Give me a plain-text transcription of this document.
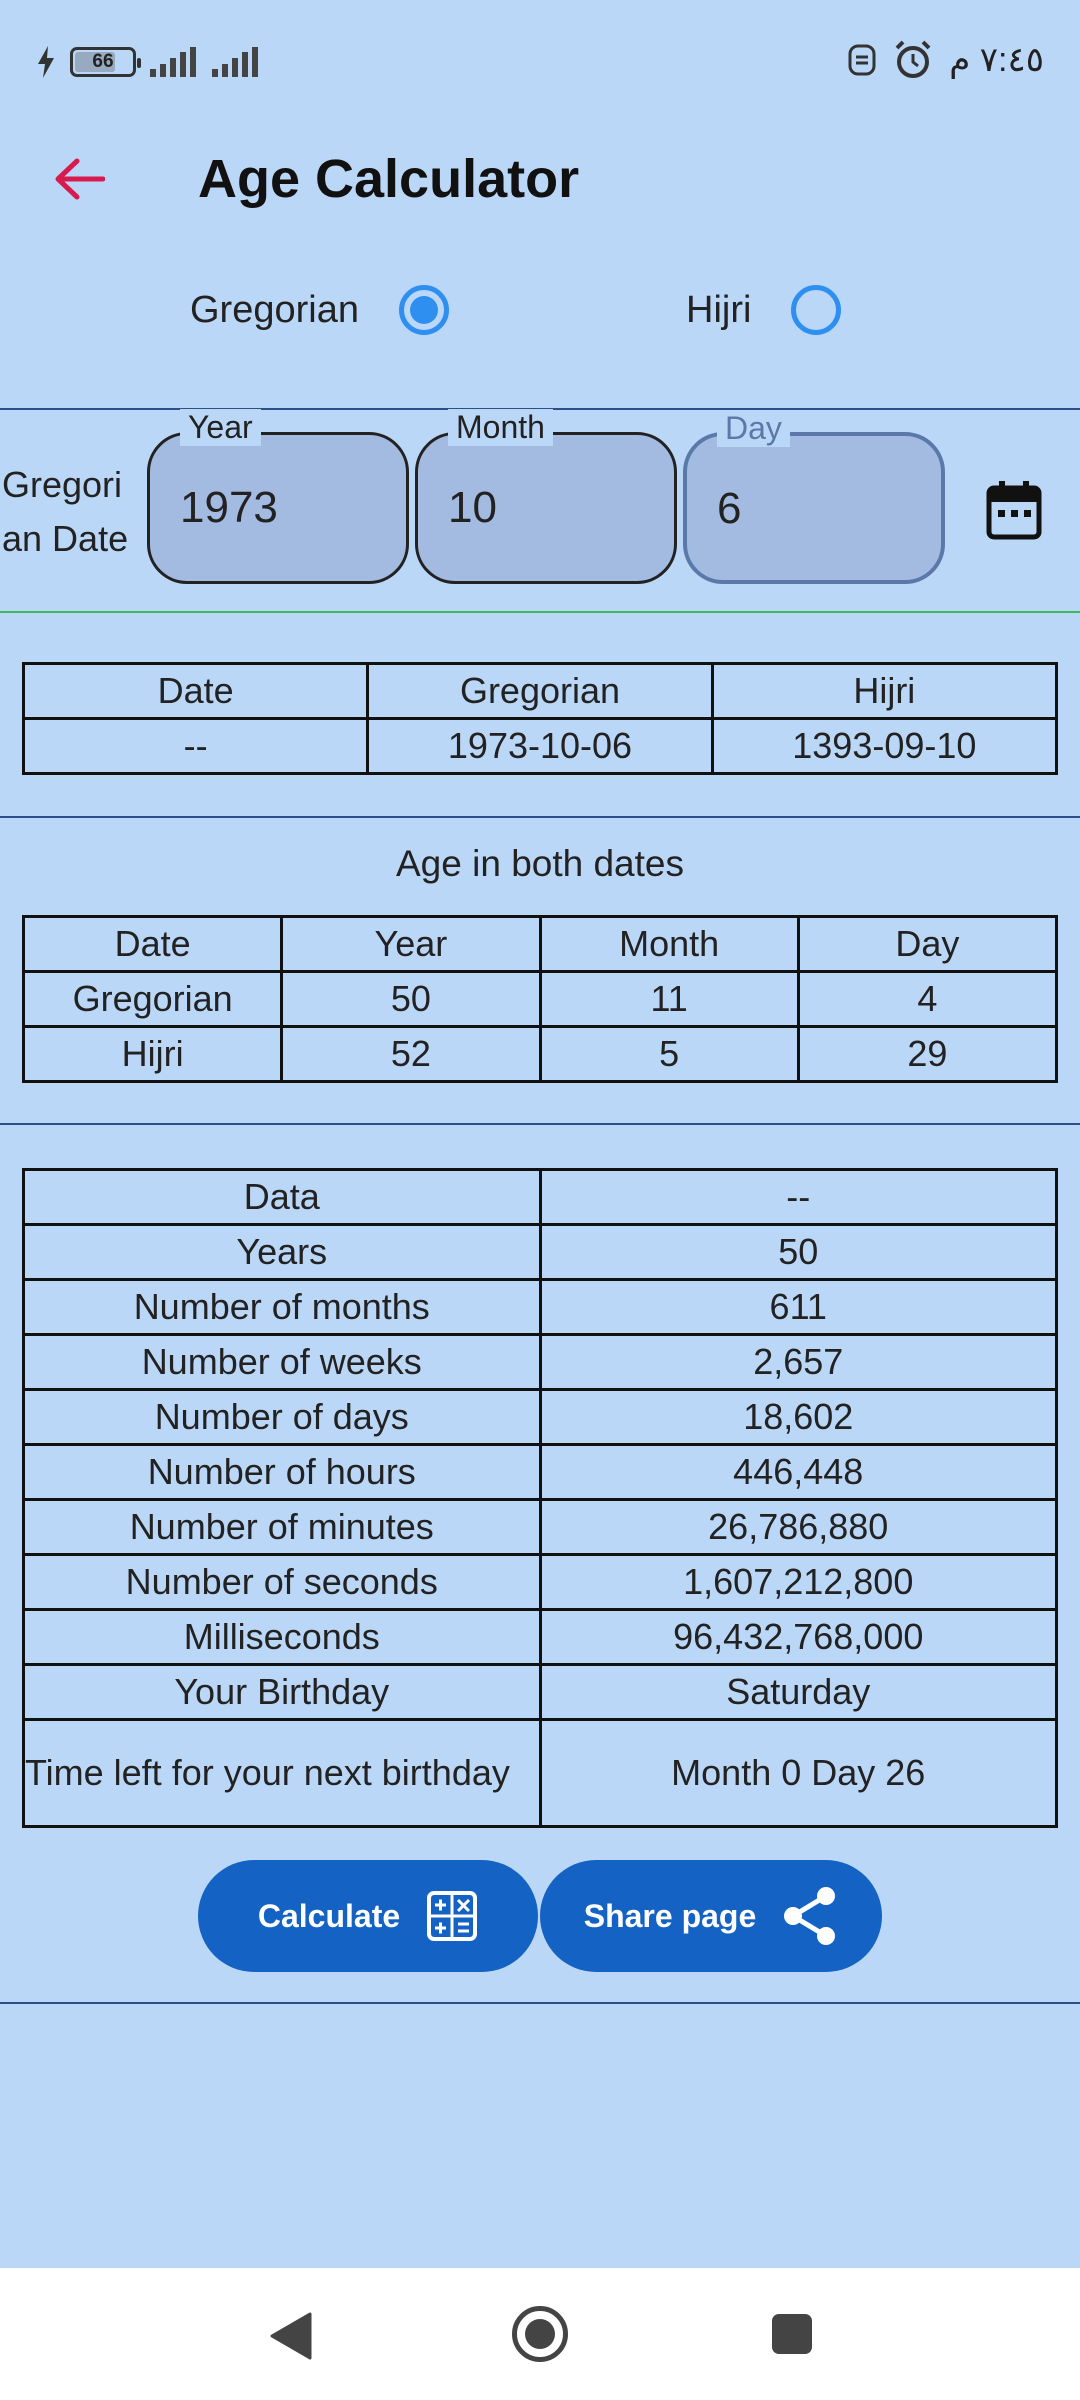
66	٧:٤٥ م
Age Calculator
Gregorian	Hijri
Gregori
an Date
Year
1973
Month
10
Day
6
Date	Gregorian	Hijri
--	1973-10-06	1393-09-10
Age in both dates
Date	Year	Month	Day
Gregorian	50	11	4
Hijri	52	5	29
Data	--
Years	50
Number of months	611
Number of weeks	2,657
Number of days	18,602
Number of hours	446,448
Number of minutes	26,786,880
Number of seconds	1,607,212,800
Milliseconds	96,432,768,000
Your Birthday	Saturday
Time left for your next birthday	Month 0 Day 26
Calculate	Share page
